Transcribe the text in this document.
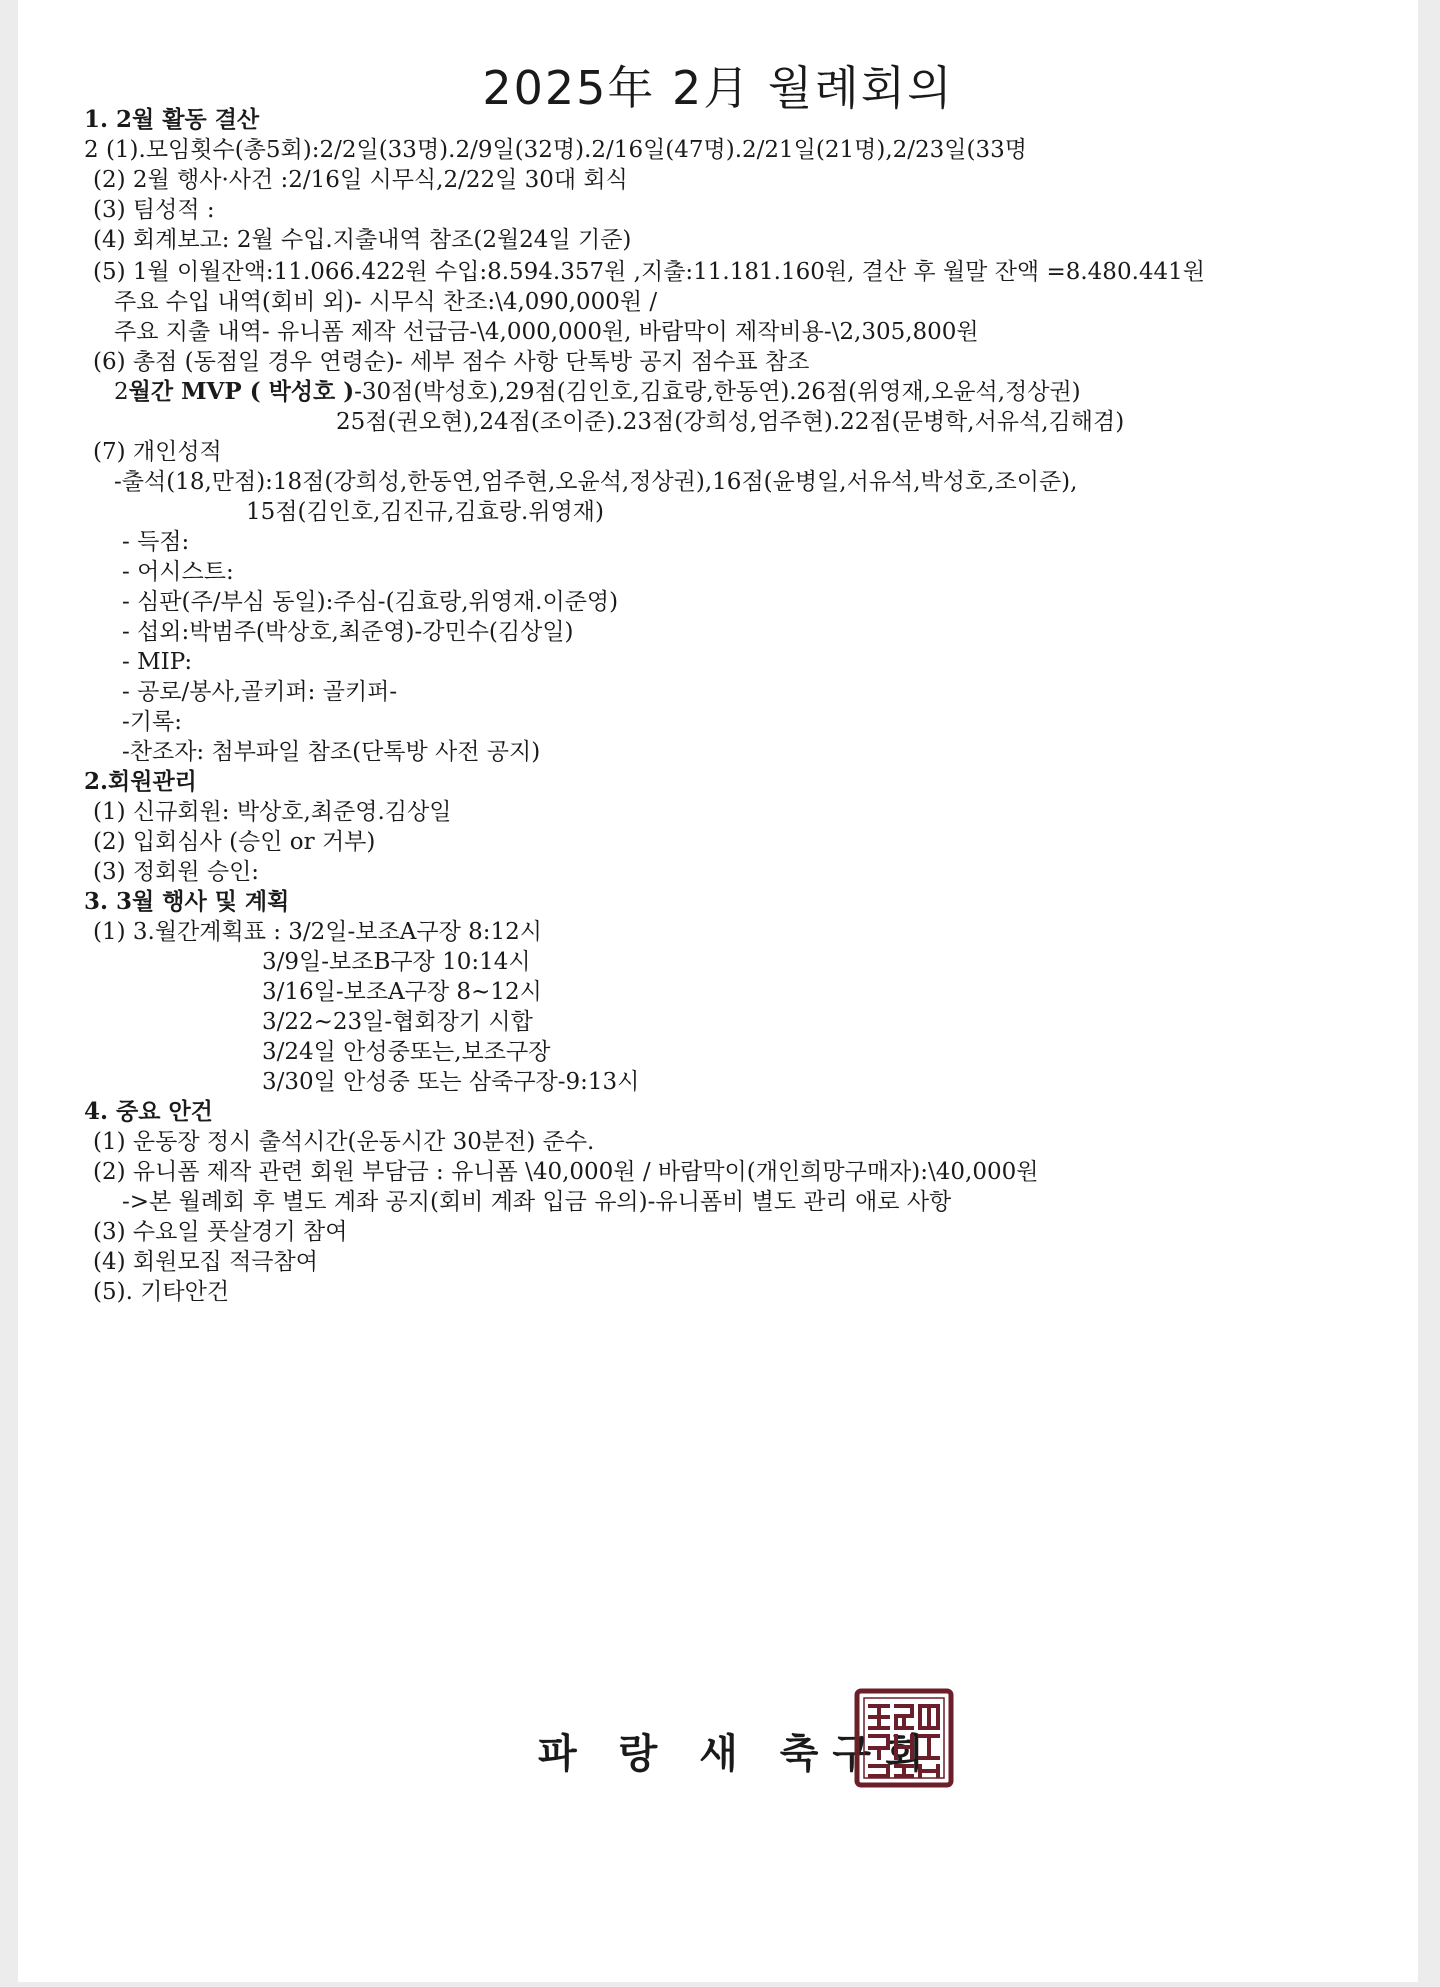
2025年 2月 월례회의
1. 2월 활동 결산
2 (1).모임횟수(총5회):2/2일(33명).2/9일(32명).2/16일(47명).2/21일(21명),2/23일(33명
(2) 2월 행사·사건 :2/16일 시무식,2/22일 30대 회식
(3) 팀성적 :
(4) 회계보고: 2월 수입.지출내역 참조(2월24일 기준)
(5) 1월 이월잔액:11.066.422원 수입:8.594.357원 ,지출:11.181.160원, 결산 후 월말 잔액 =8.480.441원
주요 수입 내역(회비 외)- 시무식 찬조:\4,090,000원 /
주요 지출 내역- 유니폼 제작 선급금-\4,000,000원, 바람막이 제작비용-\2,305,800원
(6) 총점 (동점일 경우 연령순)- 세부 점수 사항 단톡방 공지 점수표 참조
2월간 MVP ( 박성호 )-30점(박성호),29점(김인호,김효랑,한동연).26점(위영재,오윤석,정상권)
25점(권오현),24점(조이준).23점(강희성,엄주현).22점(문병학,서유석,김해겸)
(7) 개인성적
-출석(18,만점):18점(강희성,한동연,엄주현,오윤석,정상권),16점(윤병일,서유석,박성호,조이준),
15점(김인호,김진규,김효랑.위영재)
- 득점:
- 어시스트:
- 심판(주/부심 동일):주심-(김효랑,위영재.이준영)
- 섭외:박범주(박상호,최준영)-강민수(김상일)
- MIP:
- 공로/봉사,골키퍼: 골키퍼-
-기록:
-찬조자: 첨부파일 참조(단톡방 사전 공지)
2.회원관리
(1) 신규회원: 박상호,최준영.김상일
(2) 입회심사 (승인 or 거부)
(3) 정회원 승인:
3. 3월 행사 및 계획
(1) 3.월간계획표 : 3/2일-보조A구장 8:12시
3/9일-보조B구장 10:14시
3/16일-보조A구장 8~12시
3/22~23일-협회장기 시합
3/24일 안성중또는,보조구장
3/30일 안성중 또는 삼죽구장-9:13시
4. 중요 안건
(1) 운동장 정시 출석시간(운동시간 30분전) 준수.
(2) 유니폼 제작 관련 회원 부담금 : 유니폼 \40,000원 / 바람막이(개인희망구매자):\40,000원
->본 월례회 후 별도 계좌 공지(회비 계좌 입금 유의)-유니폼비 별도 관리 애로 사항
(3) 수요일 풋살경기 참여
(4) 회원모집 적극참여
(5). 기타안건
파 랑 새 축구회
